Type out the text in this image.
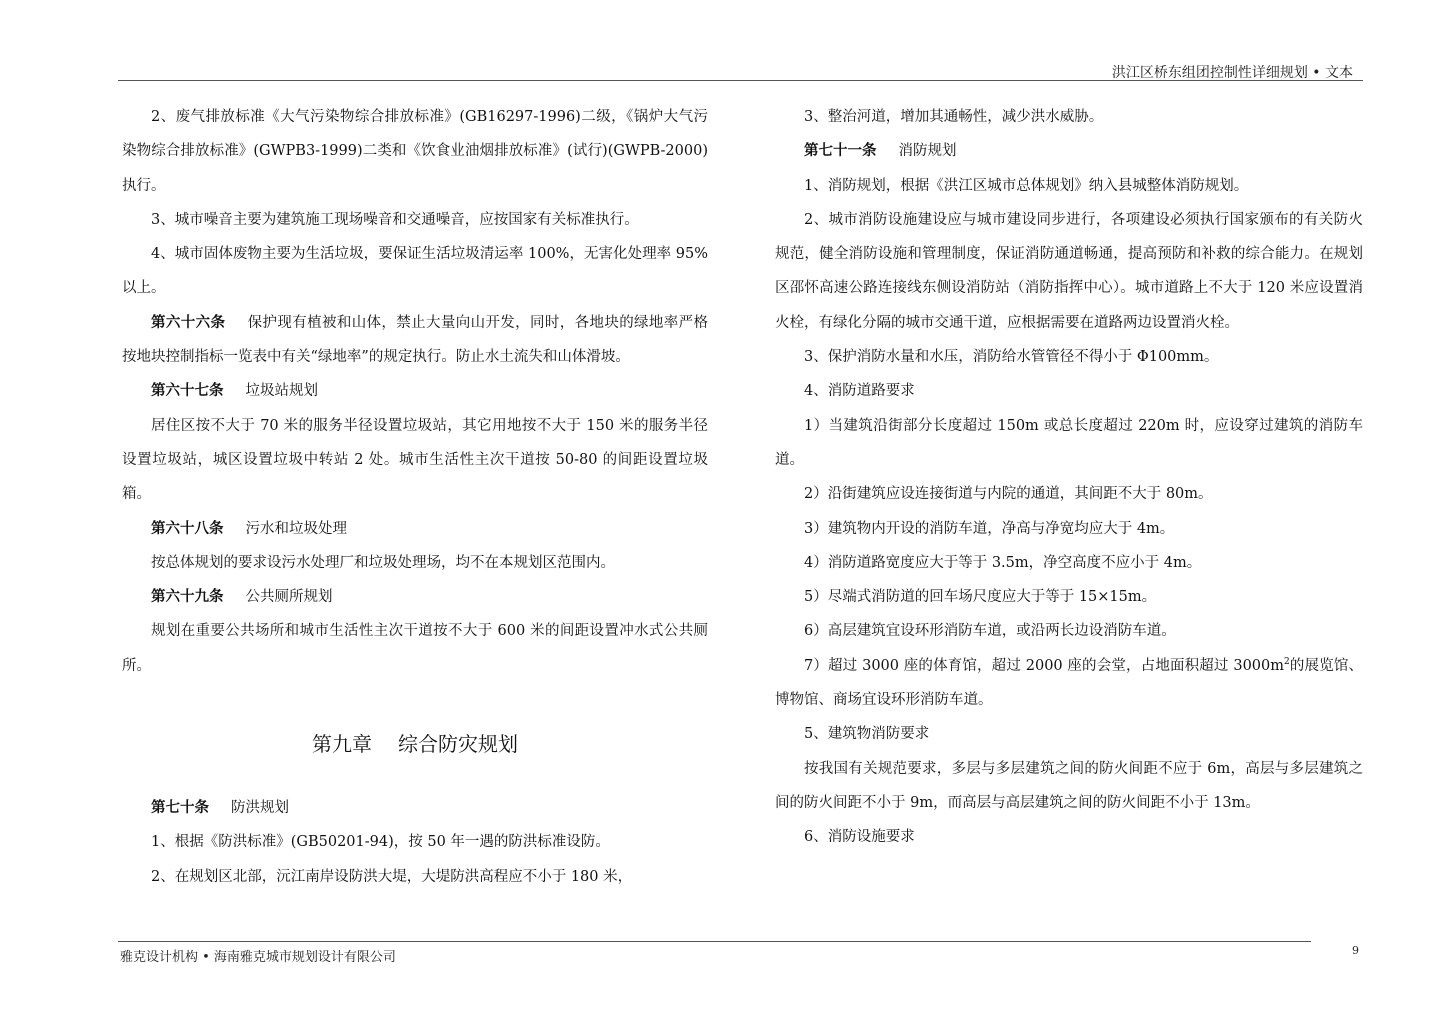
洪江区桥东组团控制性详细规划 • 文本

2、废气排放标准《大气污染物综合排放标准》(GB16297-1996)二级，《锅炉大气污染物综合排放标准》(GWPB3-1999)二类和《饮食业油烟排放标准》(试行)(GWPB-2000)执行。

3、城市噪音主要为建筑施工现场噪音和交通噪音，应按国家有关标准执行。

4、城市固体废物主要为生活垃圾，要保证生活垃圾清运率 100%，无害化处理率 95%以上。

第六十六条 保护现有植被和山体，禁止大量向山开发，同时，各地块的绿地率严格按地块控制指标一览表中有关“绿地率”的规定执行。防止水土流失和山体滑坡。

第六十七条 垃圾站规划

居住区按不大于 70 米的服务半径设置垃圾站，其它用地按不大于 150 米的服务半径设置垃圾站，城区设置垃圾中转站 2 处。城市生活性主次干道按 50-80 的间距设置垃圾箱。

第六十八条 污水和垃圾处理

按总体规划的要求设污水处理厂和垃圾处理场，均不在本规划区范围内。

第六十九条 公共厕所规划

规划在重要公共场所和城市生活性主次干道按不大于 600 米的间距设置冲水式公共厕所。

第九章 综合防灾规划

第七十条 防洪规划

1、根据《防洪标准》(GB50201-94)，按 50 年一遇的防洪标准设防。

2、在规划区北部，沅江南岸设防洪大堤，大堤防洪高程应不小于 180 米，

3、整治河道，增加其通畅性，减少洪水威胁。

第七十一条 消防规划

1、消防规划，根据《洪江区城市总体规划》纳入县城整体消防规划。

2、城市消防设施建设应与城市建设同步进行，各项建设必须执行国家颁布的有关防火规范，健全消防设施和管理制度，保证消防通道畅通，提高预防和补救的综合能力。在规划区邵怀高速公路连接线东侧设消防站（消防指挥中心）。城市道路上不大于 120 米应设置消火栓，有绿化分隔的城市交通干道，应根据需要在道路两边设置消火栓。

3、保护消防水量和水压，消防给水管管径不得小于 Φ100mm。

4、消防道路要求

1）当建筑沿街部分长度超过 150m 或总长度超过 220m 时，应设穿过建筑的消防车道。

2）沿街建筑应设连接街道与内院的通道，其间距不大于 80m。

3）建筑物内开设的消防车道，净高与净宽均应大于 4m。

4）消防道路宽度应大于等于 3.5m，净空高度不应小于 4m。

5）尽端式消防道的回车场尺度应大于等于 15×15m。

6）高层建筑宜设环形消防车道，或沿两长边设消防车道。

7）超过 3000 座的体育馆，超过 2000 座的会堂，占地面积超过 $3000m^2$的展览馆、博物馆、商场宜设环形消防车道。

5、建筑物消防要求

按我国有关规范要求，多层与多层建筑之间的防火间距不应于 6m，高层与多层建筑之间的防火间距不小于 9m，而高层与高层建筑之间的防火间距不小于 13m。

6、消防设施要求

雅克设计机构 • 海南雅克城市规划设计有限公司	9
